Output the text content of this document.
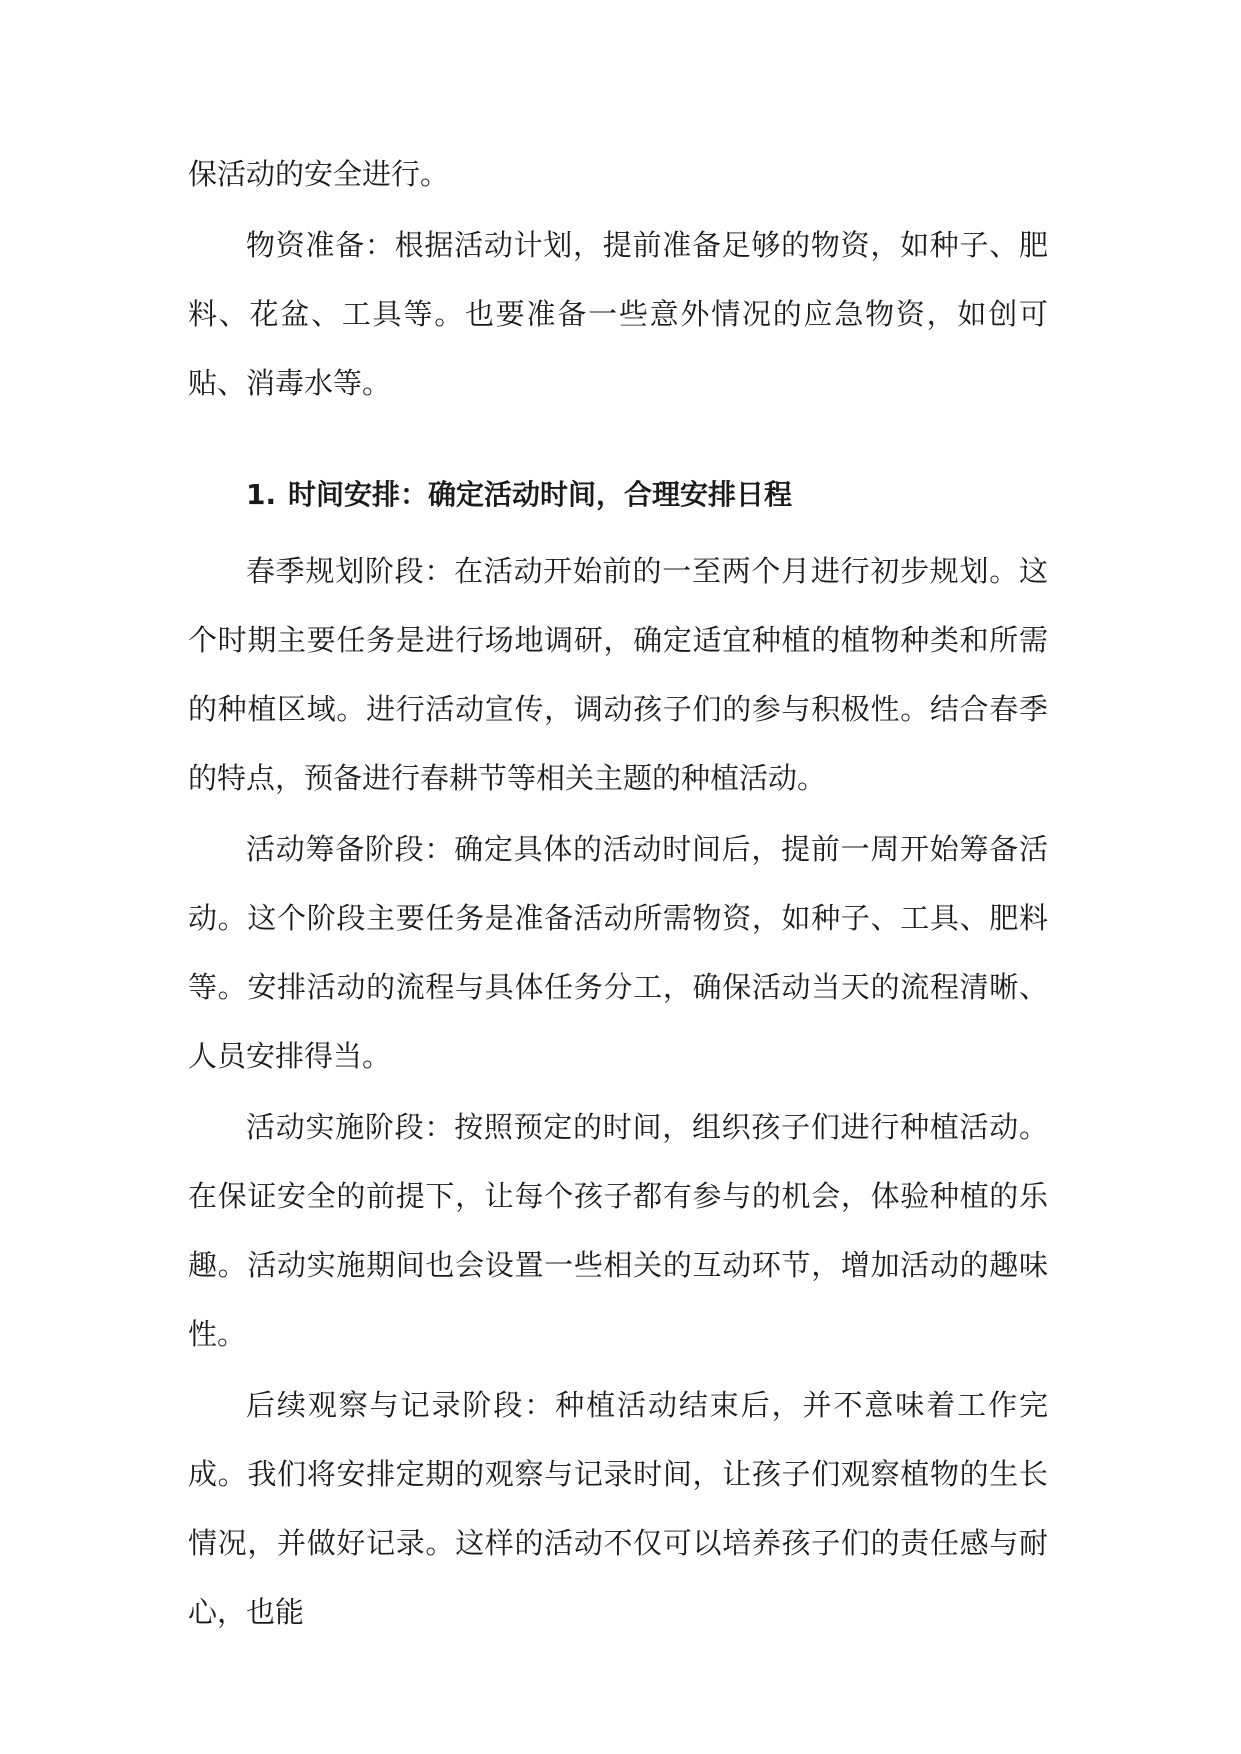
保活动的安全进行。

物资准备：根据活动计划，提前准备足够的物资，如种子、肥料、花盆、工具等。也要准备一些意外情况的应急物资，如创可贴、消毒水等。

1. 时间安排：确定活动时间，合理安排日程

春季规划阶段：在活动开始前的一至两个月进行初步规划。这个时期主要任务是进行场地调研，确定适宜种植的植物种类和所需的种植区域。进行活动宣传，调动孩子们的参与积极性。结合春季的特点，预备进行春耕节等相关主题的种植活动。

活动筹备阶段：确定具体的活动时间后，提前一周开始筹备活动。这个阶段主要任务是准备活动所需物资，如种子、工具、肥料等。安排活动的流程与具体任务分工，确保活动当天的流程清晰、人员安排得当。

活动实施阶段：按照预定的时间，组织孩子们进行种植活动。在保证安全的前提下，让每个孩子都有参与的机会，体验种植的乐趣。活动实施期间也会设置一些相关的互动环节，增加活动的趣味性。

后续观察与记录阶段：种植活动结束后，并不意味着工作完成。我们将安排定期的观察与记录时间，让孩子们观察植物的生长情况，并做好记录。这样的活动不仅可以培养孩子们的责任感与耐心，也能
